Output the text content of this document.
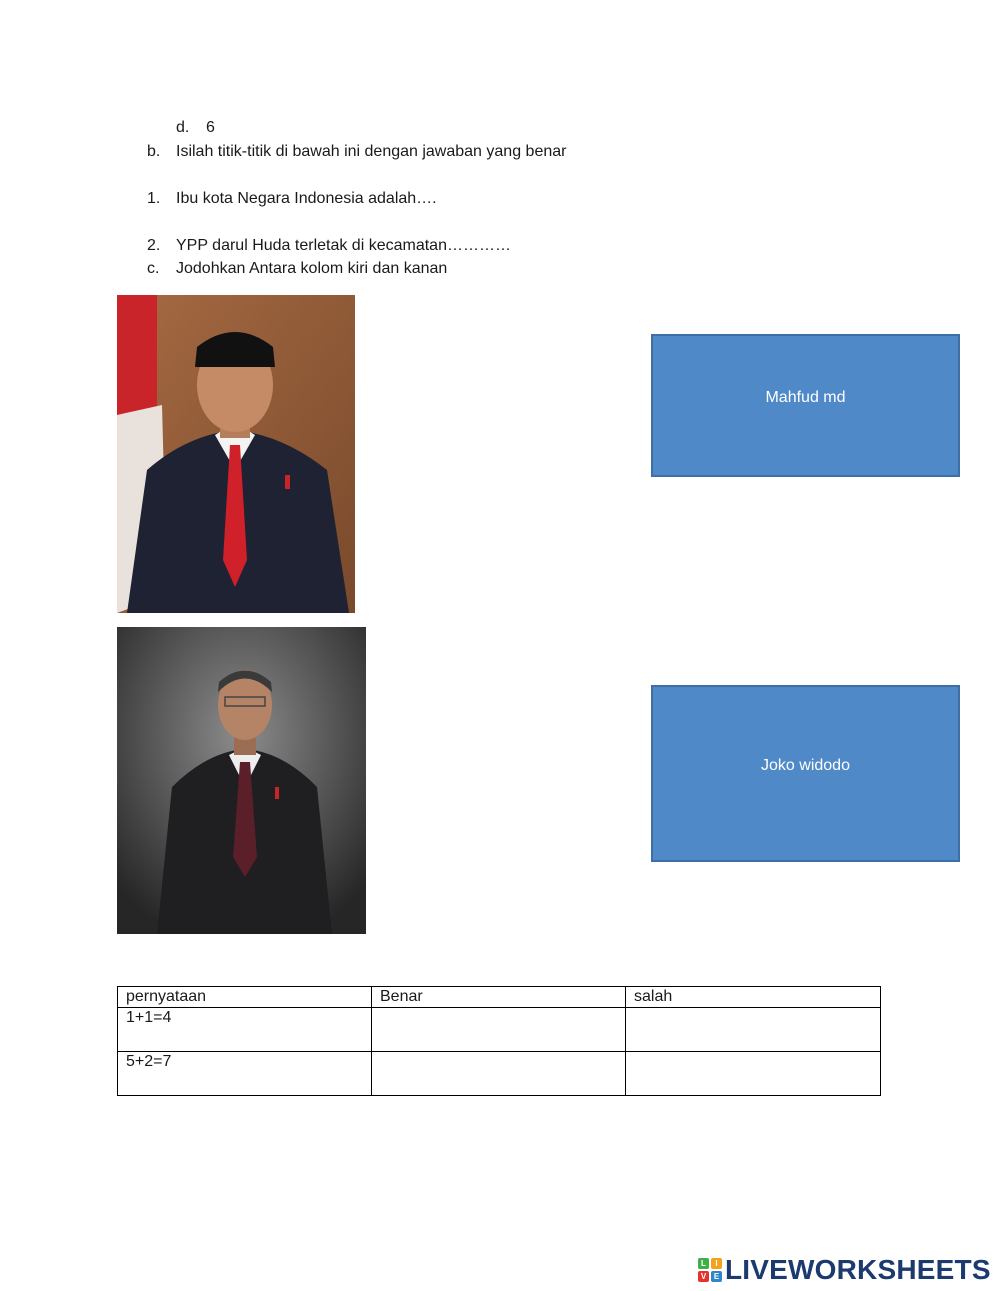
d. 6
b. Isilah titik-titik di bawah ini dengan jawaban yang benar
1. Ibu kota Negara Indonesia adalah….
2. YPP darul Huda terletak di kecamatan…………
c. Jodohkan Antara kolom kiri dan kanan
Mahfud md
Joko widodo
pernyataan	Benar	salah
1+1=4		
5+2=7		
L	I
V E LIVEWORKSHEETS
